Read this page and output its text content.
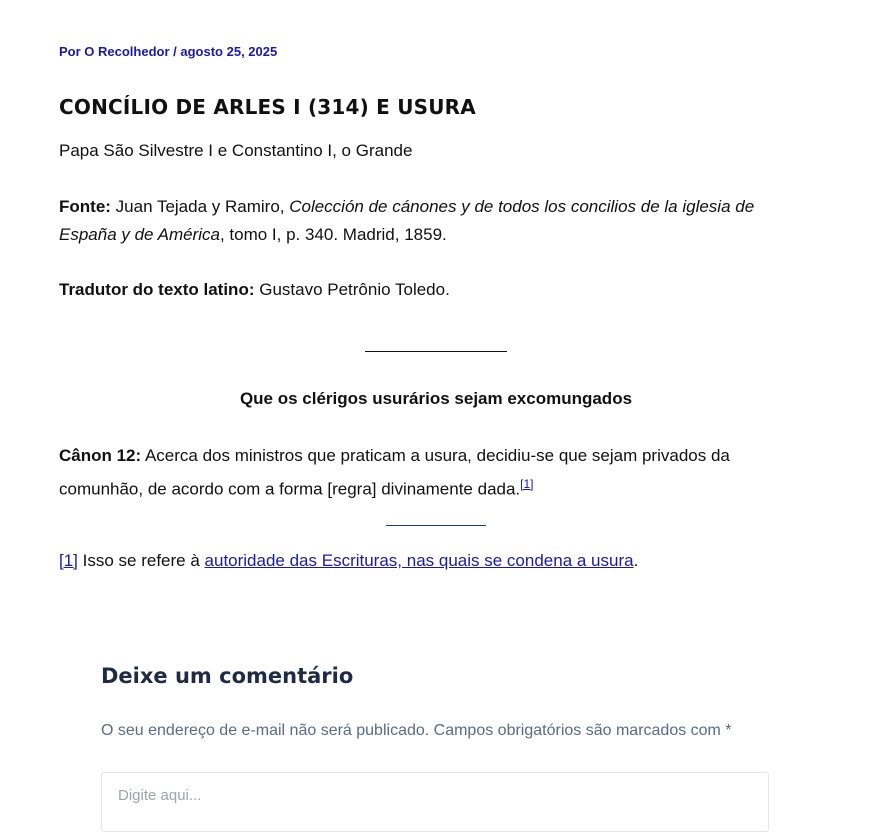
Por O Recolhedor / agosto 25, 2025
CONCÍLIO DE ARLES I (314) E USURA

Papa São Silvestre I e Constantino I, o Grande

Fonte: Juan Tejada y Ramiro, Colección de cánones y de todos los concilios de la iglesia de España y de América, tomo I, p. 340. Madrid, 1859.

Tradutor do texto latino: Gustavo Petrônio Toledo.

Que os clérigos usurários sejam excomungados

Cânon 12: Acerca dos ministros que praticam a usura, decidiu-se que sejam privados da comunhão, de acordo com a forma [regra] divinamente dada.[1]

[1] Isso se refere à autoridade das Escrituras, nas quais se condena a usura.

Deixe um comentário

O seu endereço de e-mail não será publicado. Campos obrigatórios são marcados com *

Digite aqui...
